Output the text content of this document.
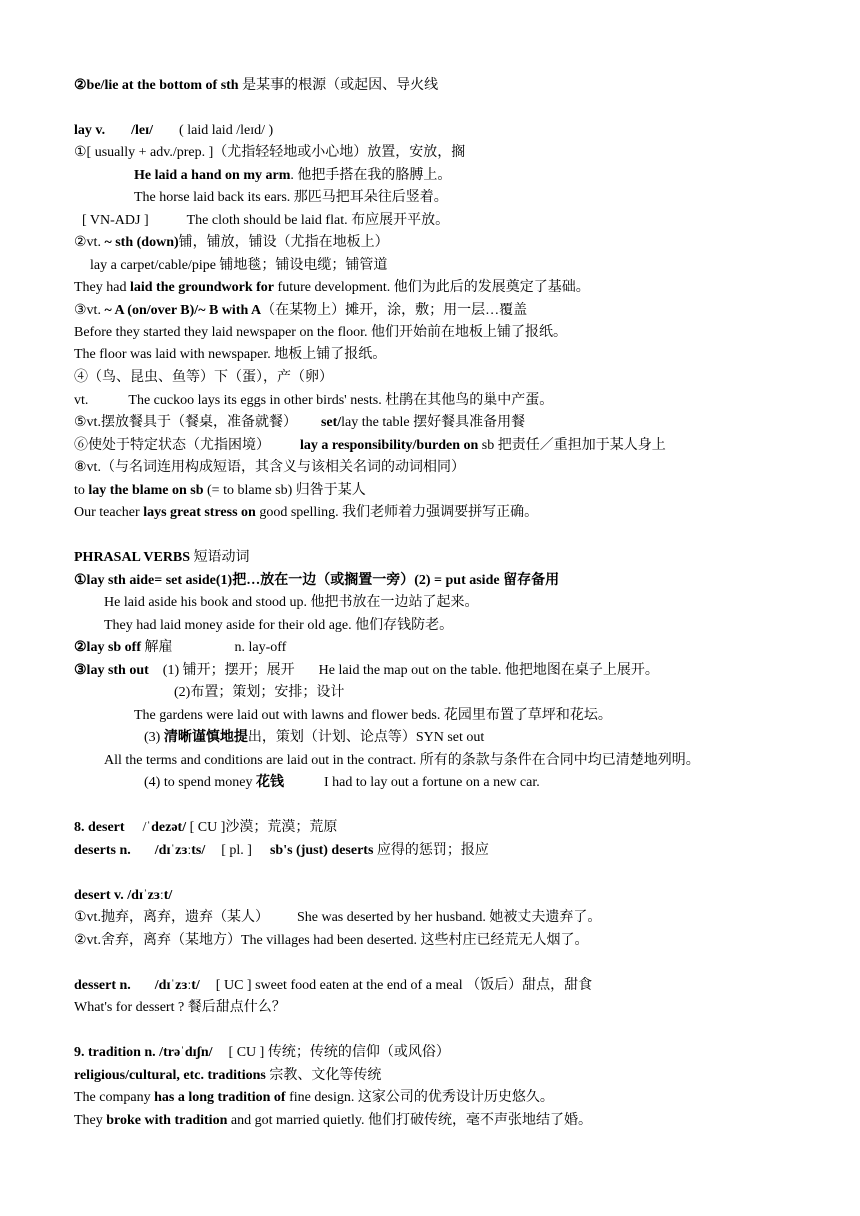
②be/lie at the bottom of sth 是某事的根源（或起因、导火线
lay v. /leɪ/ ( laid laid /leɪd/ )
①[ usually + adv./prep. ]（尤指轻轻地或小心地）放置，安放，搁
He laid a hand on my arm. 他把手搭在我的胳膊上。
The horse laid back its ears. 那匹马把耳朵往后竖着。
[ VN-ADJ ]	The cloth should be laid flat. 布应展开平放。
②vt. ~ sth (down)铺，铺放，铺设（尤指在地板上）
lay a carpet/cable/pipe 铺地毯；铺设电缆；铺管道
They had laid the groundwork for future development. 他们为此后的发展奠定了基础。
③vt. ~ A (on/over B)/~ B with A（在某物上）摊开，涂，敷；用一层…覆盖
Before they started they laid newspaper on the floor. 他们开始前在地板上铺了报纸。
The floor was laid with newspaper. 地板上铺了报纸。
④（鸟、昆虫、鱼等）下（蛋），产（卵）
vt.	The cuckoo lays its eggs in other birds' nests. 杜鹃在其他鸟的巢中产蛋。
⑤vt.摆放餐具于（餐桌，准备就餐） set/lay the table 摆好餐具准备用餐
⑥使处于特定状态（尤指困境） lay a responsibility/burden on sb 把责任／重担加于某人身上
⑧vt.（与名词连用构成短语，其含义与该相关名词的动词相同）
to lay the blame on sb (= to blame sb) 归咎于某人
Our teacher lays great stress on good spelling. 我们老师着力强调要拼写正确。
PHRASAL VERBS 短语动词
①lay sth aide= set aside(1)把…放在一边（或搁置一旁）(2) = put aside 留存备用
He laid aside his book and stood up. 他把书放在一边站了起来。
They had laid money aside for their old age. 他们存钱防老。
②lay sb off 解雇	n. lay-off
③lay sth out (1) 铺开；摆开；展开 He laid the map out on the table. 他把地图在桌子上展开。
(2)布置；策划；安排；设计
The gardens were laid out with lawns and flower beds. 花园里布置了草坪和花坛。
(3) 清晰谨慎地提出，策划（计划、论点等）SYN set out
All the terms and conditions are laid out in the contract. 所有的条款与条件在合同中均已清楚地列明。
(4) to spend money 花钱	I had to lay out a fortune on a new car.
8. desert /ˈdezət/ [ CU ]沙漠；荒漠；荒原
deserts n. /dɪˈzɜːts/ [ pl. ] sb's (just) deserts 应得的惩罚；报应
desert v. /dɪˈzɜːt/
①vt.抛弃，离弃，遗弃（某人） She was deserted by her husband. 她被丈夫遗弃了。
②vt.舍弃，离弃（某地方）The villages had been deserted. 这些村庄已经荒无人烟了。
dessert n. /dɪˈzɜːt/ [ UC ] sweet food eaten at the end of a meal （饭后）甜点，甜食
What's for dessert ? 餐后甜点什么？
9. tradition n. /trəˈdɪʃn/ [ CU ] 传统；传统的信仰（或风俗）
religious/cultural, etc. traditions 宗教、文化等传统
The company has a long tradition of fine design. 这家公司的优秀设计历史悠久。
They broke with tradition and got married quietly. 他们打破传统，毫不声张地结了婚。
